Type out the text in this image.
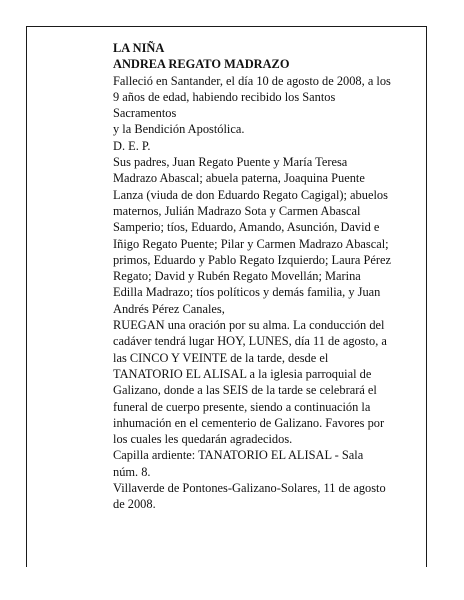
LA NIÑA
ANDREA REGATO MADRAZO
Falleció en Santander, el día 10 de agosto de 2008, a los
9 años de edad, habiendo recibido los Santos
Sacramentos
y la Bendición Apostólica.
D. E. P.
Sus padres, Juan Regato Puente y María Teresa
Madrazo Abascal; abuela paterna, Joaquina Puente
Lanza (viuda de don Eduardo Regato Cagigal); abuelos
maternos, Julián Madrazo Sota y Carmen Abascal
Samperio; tíos, Eduardo, Amando, Asunción, David e
Iñigo Regato Puente; Pilar y Carmen Madrazo Abascal;
primos, Eduardo y Pablo Regato Izquierdo; Laura Pérez
Regato; David y Rubén Regato Movellán; Marina
Edilla Madrazo; tíos políticos y demás familia, y Juan
Andrés Pérez Canales,
RUEGAN una oración por su alma. La conducción del
cadáver tendrá lugar HOY, LUNES, día 11 de agosto, a
las CINCO Y VEINTE de la tarde, desde el
TANATORIO EL ALISAL a la iglesia parroquial de
Galizano, donde a las SEIS de la tarde se celebrará el
funeral de cuerpo presente, siendo a continuación la
inhumación en el cementerio de Galizano. Favores por
los cuales les quedarán agradecidos.
Capilla ardiente: TANATORIO EL ALISAL - Sala
núm. 8.
Villaverde de Pontones-Galizano-Solares, 11 de agosto
de 2008.
